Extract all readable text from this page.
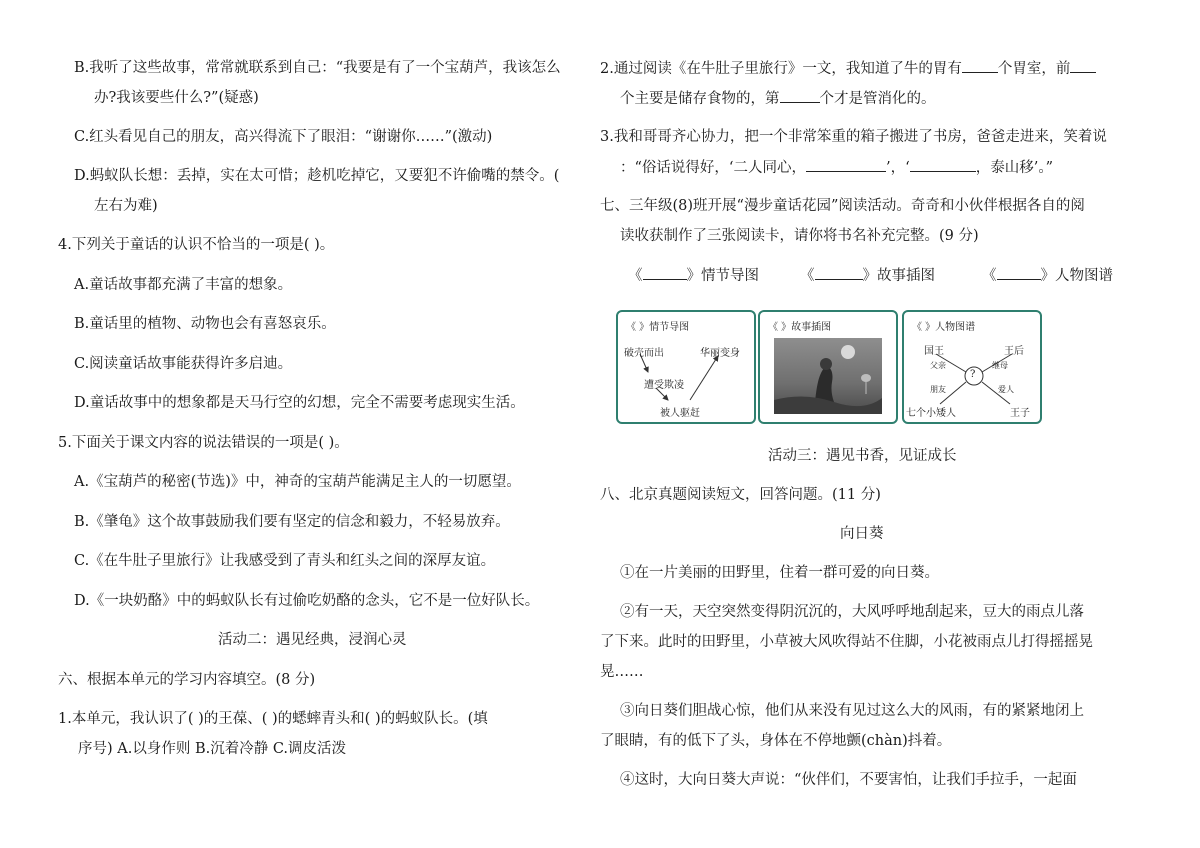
B.我听了这些故事，常常就联系到自己：“我要是有了一个宝葫芦，我该怎么
办?我该要些什么?”(疑惑)
C.红头看见自己的朋友，高兴得流下了眼泪：“谢谢你……”(激动)
D.蚂蚁队长想：丢掉，实在太可惜；趁机吃掉它，又要犯不许偷嘴的禁令。(
左右为难)
4.下列关于童话的认识不恰当的一项是( )。
A.童话故事都充满了丰富的想象。
B.童话里的植物、动物也会有喜怒哀乐。
C.阅读童话故事能获得许多启迪。
D.童话故事中的想象都是天马行空的幻想，完全不需要考虑现实生活。
5.下面关于课文内容的说法错误的一项是( )。
A.《宝葫芦的秘密(节选)》中，神奇的宝葫芦能满足主人的一切愿望。
B.《肇龟》这个故事鼓励我们要有坚定的信念和毅力，不轻易放弃。
C.《在牛肚子里旅行》让我感受到了青头和红头之间的深厚友谊。
D.《一块奶酪》中的蚂蚁队长有过偷吃奶酪的念头，它不是一位好队长。
活动二：遇见经典，浸润心灵
六、根据本单元的学习内容填空。(8 分)
1.本单元，我认识了( )的王葆、( )的蟋蟀青头和( )的蚂蚁队长。(填
序号) A.以身作则 B.沉着冷静 C.调皮活泼
2.通过阅读《在牛肚子里旅行》一文，我知道了牛的胃有 个胃室，前
个主要是储存食物的，第	个才是管消化的。
3.我和哥哥齐心协力，把一个非常笨重的箱子搬进了书房，爸爸走进来，笑着说
：“俗话说得好，‘二人同心，	’，‘	，泰山移’。”
七、三年级(8)班开展“漫步童话花园”阅读活动。奇奇和小伙伴根据各自的阅
读收获制作了三张阅读卡，请你将书名补充完整。(9 分)
《	》情节导图	《	》故事插图	《	》人物图谱
《 》情节导图
破壳而出	华丽变身
遭受欺凌
被人驱赶
《 》故事插图	《 》人物图谱
国王	王后
父亲	继母
?
朋友	爱人
七个小矮人	王子
活动三：遇见书香，见证成长
八、北京真题阅读短文，回答问题。(11 分)
向日葵
①在一片美丽的田野里，住着一群可爱的向日葵。
②有一天，天空突然变得阴沉沉的，大风呼呼地刮起来，豆大的雨点儿落
了下来。此时的田野里，小草被大风吹得站不住脚，小花被雨点儿打得摇摇晃
晃……
③向日葵们胆战心惊，他们从来没有见过这么大的风雨，有的紧紧地闭上
了眼睛，有的低下了头，身体在不停地颤(chàn)抖着。
④这时，大向日葵大声说：“伙伴们，不要害怕，让我们手拉手，一起面
